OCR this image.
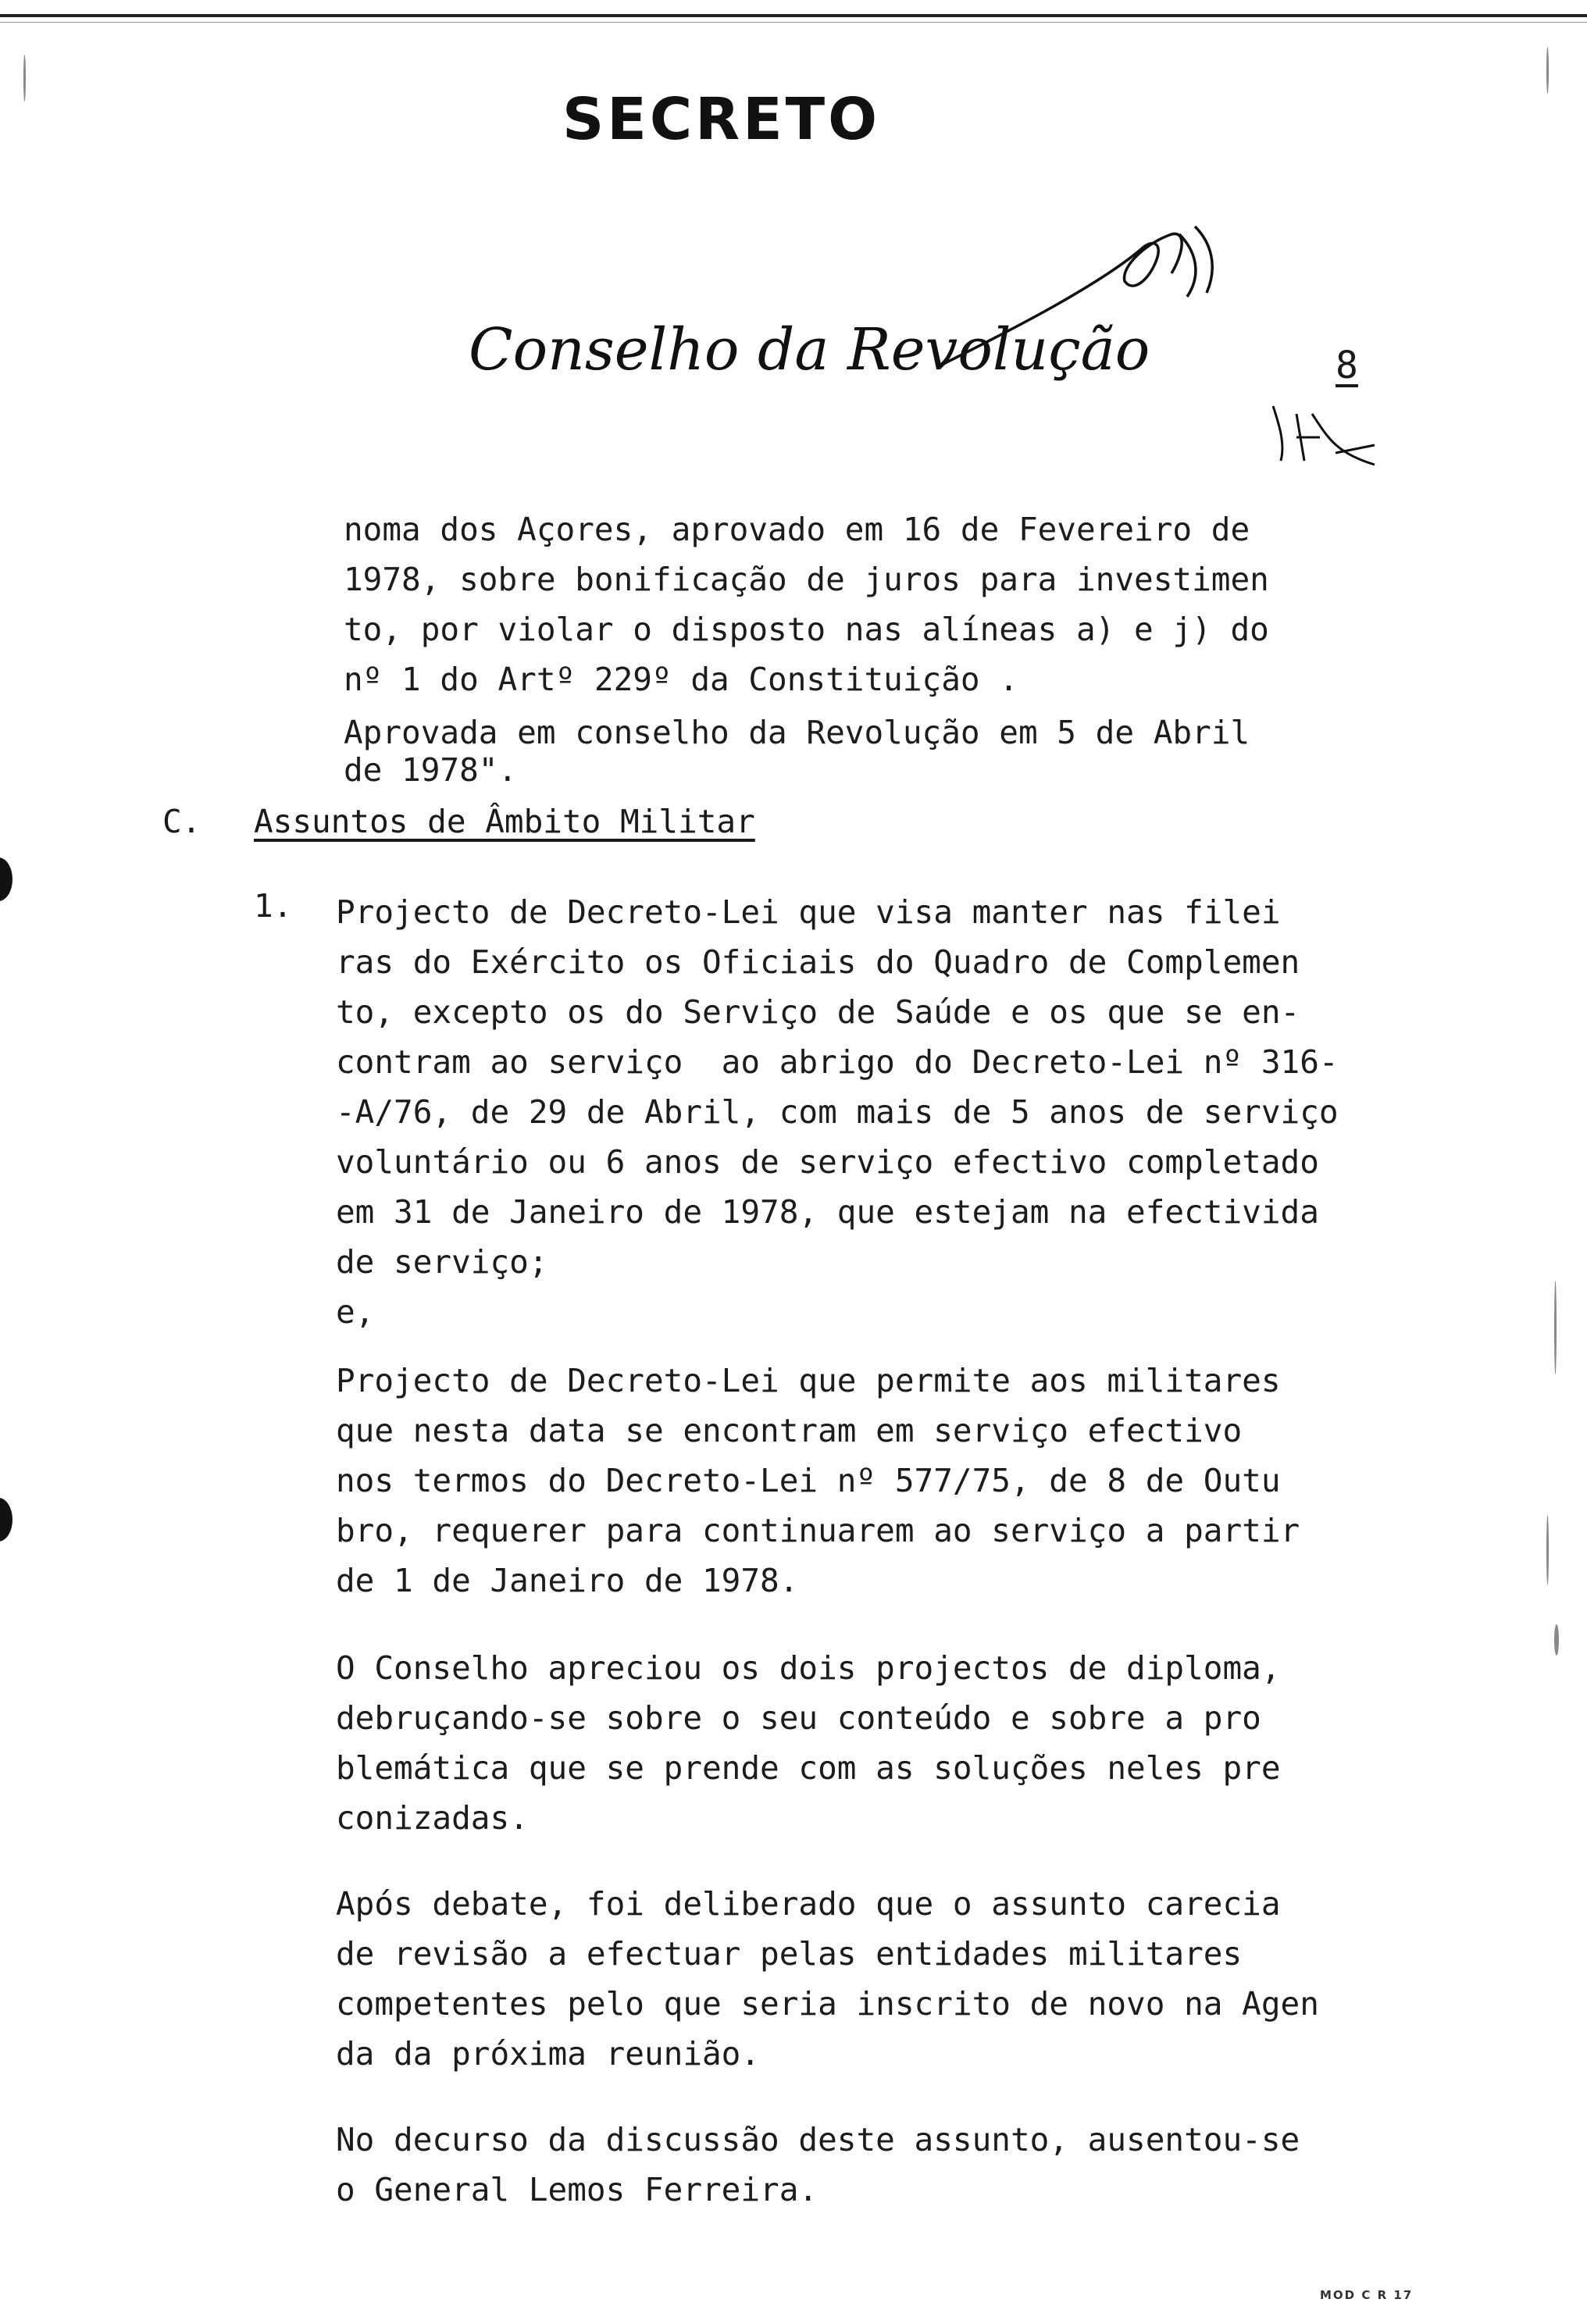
SECRETO
Conselho da Revolução	8
noma dos Açores, aprovado em 16 de Fevereiro de
1978, sobre bonificação de juros para investimen
to, por violar o disposto nas alíneas a) e j) do
nº 1 do Artº 229º da Constituição .
Aprovada em conselho da Revolução em 5 de Abril
de 1978".
C. Assuntos de Âmbito Militar
1. Projecto de Decreto-Lei que visa manter nas filei
ras do Exército os Oficiais do Quadro de Complemen
to, excepto os do Serviço de Saúde e os que se en-
contram ao serviço  ao abrigo do Decreto-Lei nº 316-
-A/76, de 29 de Abril, com mais de 5 anos de serviço
voluntário ou 6 anos de serviço efectivo completado
em 31 de Janeiro de 1978, que estejam na efectivida
de serviço;
e,
Projecto de Decreto-Lei que permite aos militares
que nesta data se encontram em serviço efectivo
nos termos do Decreto-Lei nº 577/75, de 8 de Outu
bro, requerer para continuarem ao serviço a partir
de 1 de Janeiro de 1978.
O Conselho apreciou os dois projectos de diploma,
debruçando-se sobre o seu conteúdo e sobre a pro
blemática que se prende com as soluções neles pre
conizadas.
Após debate, foi deliberado que o assunto carecia
de revisão a efectuar pelas entidades militares
competentes pelo que seria inscrito de novo na Agen
da da próxima reunião.
No decurso da discussão deste assunto, ausentou-se
o General Lemos Ferreira.
MOD C R 17
